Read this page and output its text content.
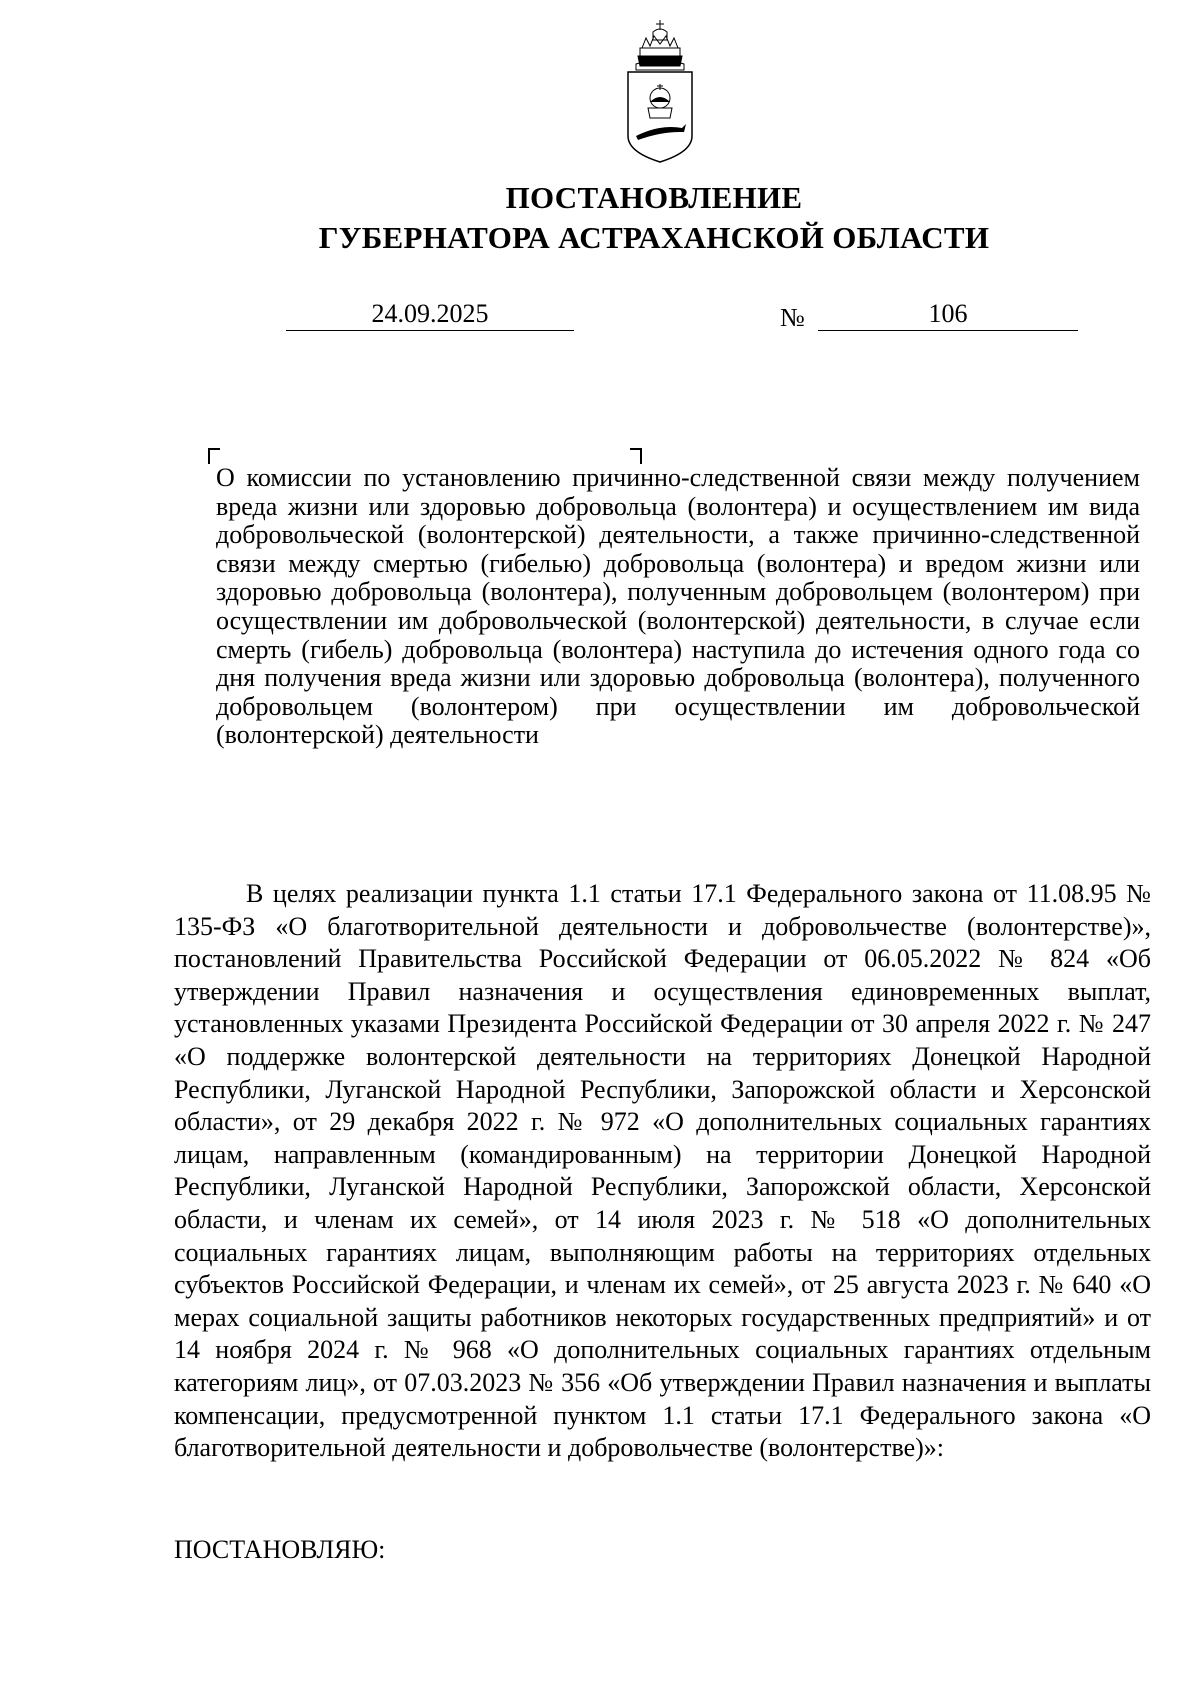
ПОСТАНОВЛЕНИЕ
ГУБЕРНАТОРА АСТРАХАНСКОЙ ОБЛАСТИ
24.09.2025	№	106
О комиссии по установлению причинно-следственной связи между получением вреда жизни или здоровью добровольца (волонтера) и осуществлением им вида добровольческой (волонтерской) деятельности, а также причинно-следственной связи между смертью (гибелью) добровольца (волонтера) и вредом жизни или здоровью добровольца (волонтера), полученным добровольцем (волонтером) при осуществлении им добровольческой (волонтерской) деятельности, в случае если смерть (гибель) добровольца (волонтера) наступила до истечения одного года со дня получения вреда жизни или здоровью добровольца (волонтера), полученного добровольцем (волонтером) при осуществлении им добровольческой (волонтерской) деятельности
В целях реализации пункта 1.1 статьи 17.1 Федерального закона от 11.08.95 № 135-ФЗ «О благотворительной деятельности и добровольчестве (волонтерстве)», постановлений Правительства Российской Федерации от 06.05.2022 № 824 «Об утверждении Правил назначения и осуществления единовременных выплат, установленных указами Президента Российской Федерации от 30 апреля 2022 г. № 247 «О поддержке волонтерской деятельности на территориях Донецкой Народной Республики, Луганской Народной Республики, Запорожской области и Херсонской области», от 29 декабря 2022 г. № 972 «О дополнительных социальных гарантиях лицам, направленным (командированным) на территории Донецкой Народной Республики, Луганской Народной Республики, Запорожской области, Херсонской области, и членам их семей», от 14 июля 2023 г. № 518 «О дополнительных социальных гарантиях лицам, выполняющим работы на территориях отдельных субъектов Российской Федерации, и членам их семей», от 25 августа 2023 г. № 640 «О мерах социальной защиты работников некоторых государственных предприятий» и от 14 ноября 2024 г. № 968 «О дополнительных социальных гарантиях отдельным категориям лиц», от 07.03.2023 № 356 «Об утверждении Правил назначения и выплаты компенсации, предусмотренной пунктом 1.1 статьи 17.1 Федерального закона «О благотворительной деятельности и добровольчестве (волонтерстве)»:
ПОСТАНОВЛЯЮ:
